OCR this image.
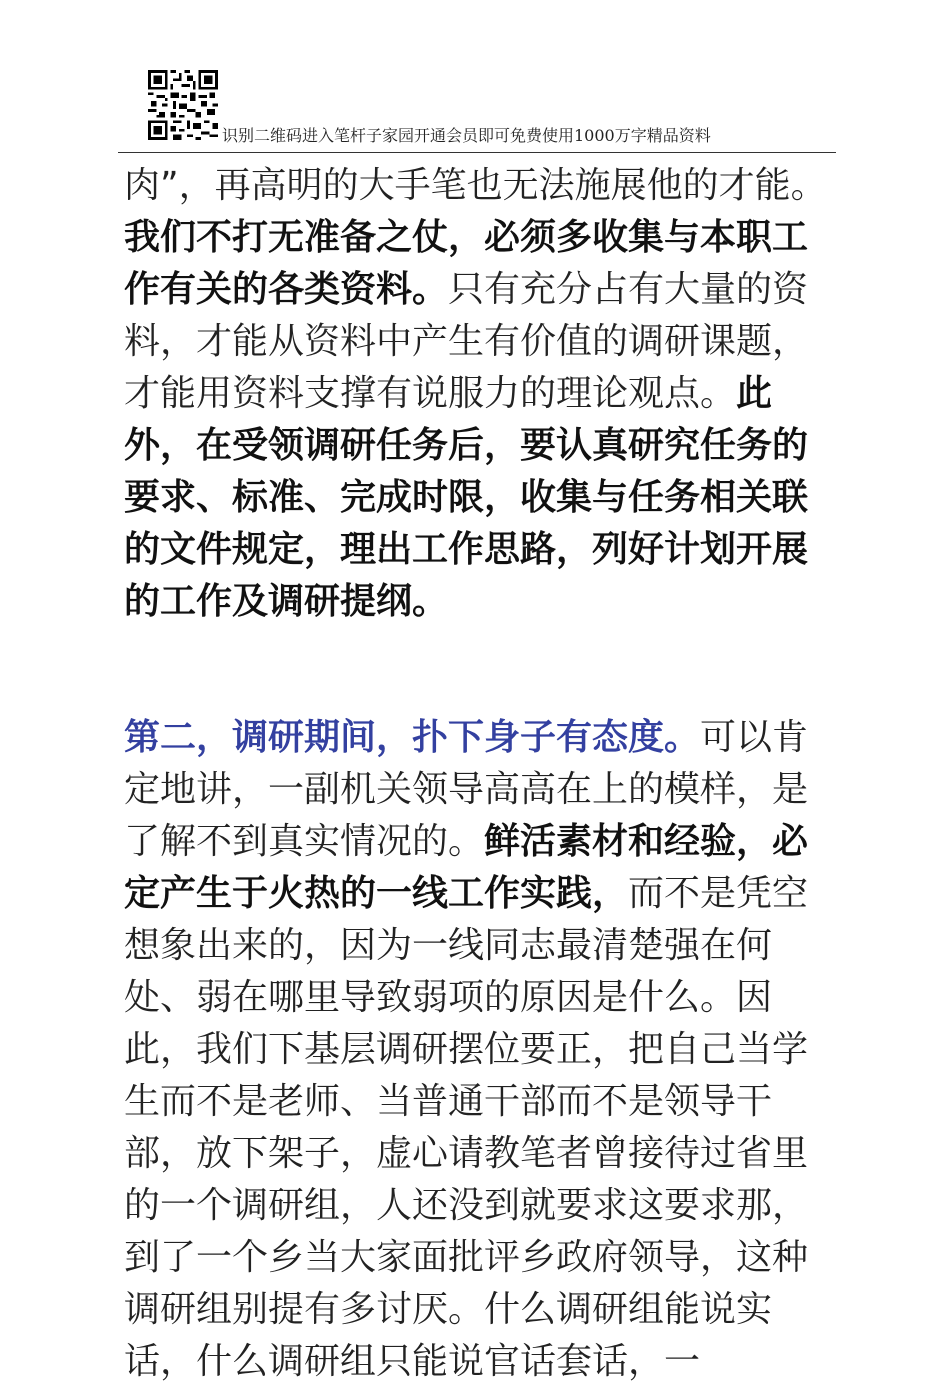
识别二维码进入笔杆子家园开通会员即可免费使用1000万字精品资料

肉”，再高明的大手笔也无法施展他的才能。我们不打无准备之仗，必须多收集与本职工作有关的各类资料。只有充分占有大量的资料，才能从资料中产生有价值的调研课题，才能用资料支撑有说服力的理论观点。此外，在受领调研任务后，要认真研究任务的要求、标准、完成时限，收集与任务相关联的文件规定，理出工作思路，列好计划开展的工作及调研提纲。

第二，调研期间，扑下身子有态度。可以肯定地讲，一副机关领导高高在上的模样，是了解不到真实情况的。鲜活素材和经验，必定产生于火热的一线工作实践，而不是凭空想象出来的，因为一线同志最清楚强在何处、弱在哪里导致弱项的原因是什么。因此，我们下基层调研摆位要正，把自己当学生而不是老师、当普通干部而不是领导干部，放下架子，虚心请教笔者曾接待过省里的一个调研组，人还没到就要求这要求那，到了一个乡当大家面批评乡政府领导，这种调研组别提有多讨厌。什么调研组能说实话，什么调研组只能说官话套话，一
